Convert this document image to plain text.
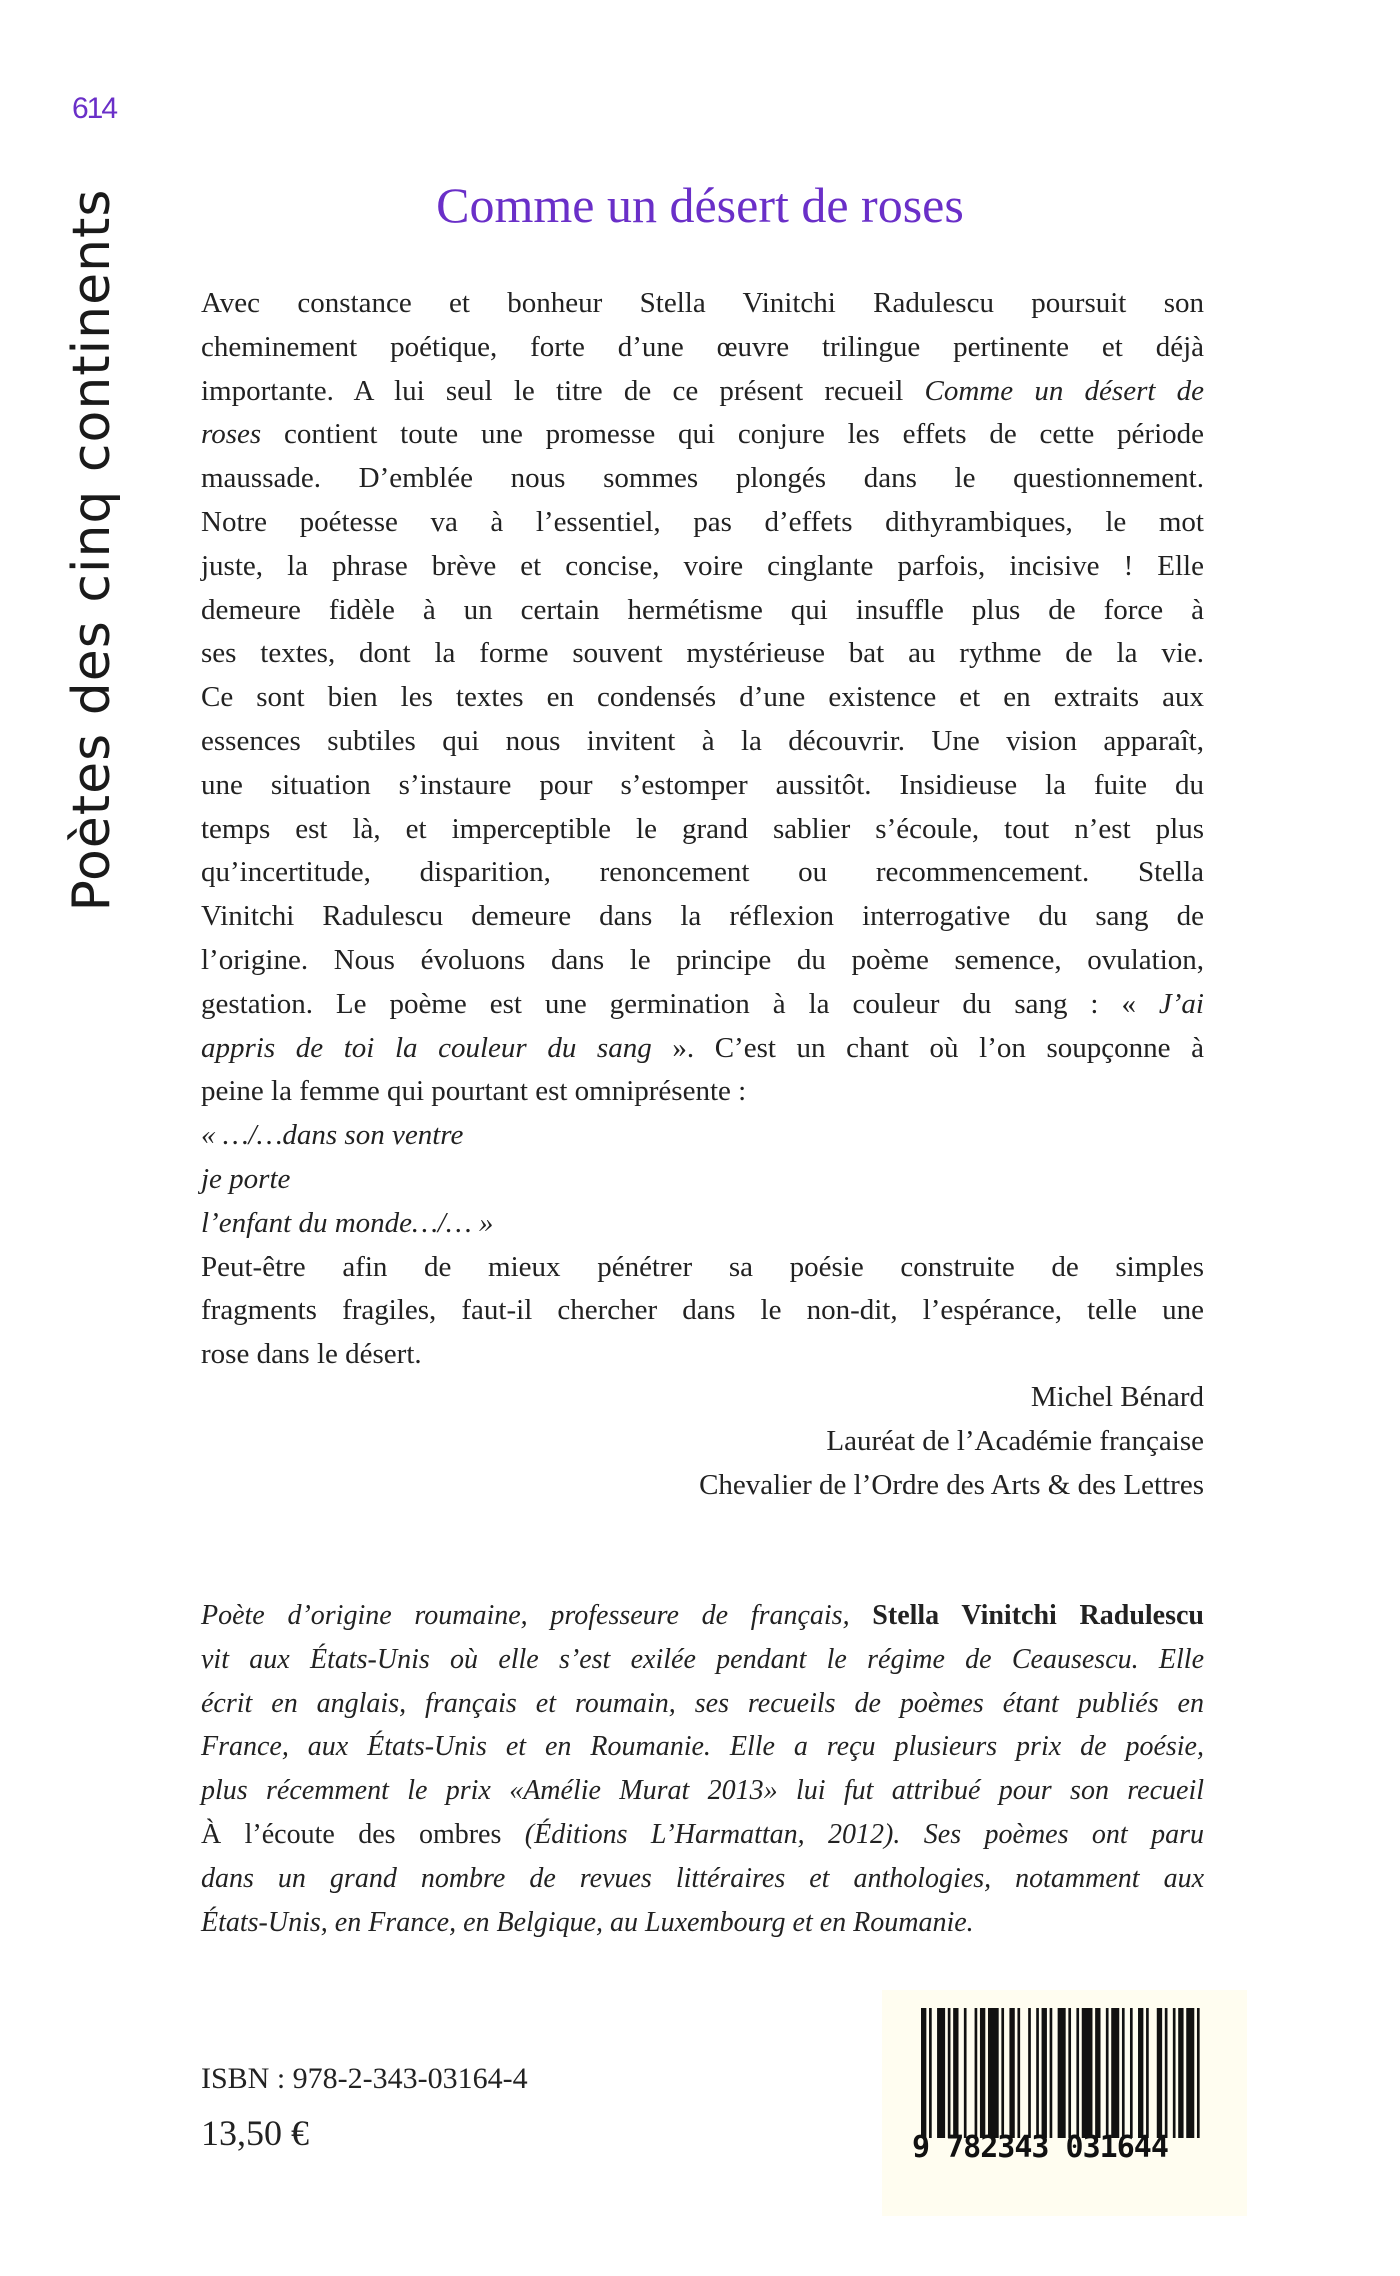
614
Poètes des cinq continents	Comme un désert de roses
Avec constance et bonheur Stella Vinitchi Radulescu poursuit son
cheminement poétique, forte d’une œuvre trilingue pertinente et déjà
importante. A lui seul le titre de ce présent recueil Comme un désert de
roses contient toute une promesse qui conjure les effets de cette période
maussade. D’emblée nous sommes plongés dans le questionnement.
Notre poétesse va à l’essentiel, pas d’effets dithyrambiques, le mot
juste, la phrase brève et concise, voire cinglante parfois, incisive ! Elle
demeure fidèle à un certain hermétisme qui insuffle plus de force à
ses textes, dont la forme souvent mystérieuse bat au rythme de la vie.
Ce sont bien les textes en condensés d’une existence et en extraits aux
essences subtiles qui nous invitent à la découvrir. Une vision apparaît,
une situation s’instaure pour s’estomper aussitôt. Insidieuse la fuite du
temps est là, et imperceptible le grand sablier s’écoule, tout n’est plus
qu’incertitude, disparition, renoncement ou recommencement. Stella
Vinitchi Radulescu demeure dans la réflexion interrogative du sang de
l’origine. Nous évoluons dans le principe du poème semence, ovulation,
gestation. Le poème est une germination à la couleur du sang : « J’ai
appris de toi la couleur du sang ». C’est un chant où l’on soupçonne à
peine la femme qui pourtant est omniprésente :
« …/…dans son ventre
je porte
l’enfant du monde…/… »
Peut-être afin de mieux pénétrer sa poésie construite de simples
fragments fragiles, faut-il chercher dans le non-dit, l’espérance, telle une
rose dans le désert.
Michel Bénard
Lauréat de l’Académie française
Chevalier de l’Ordre des Arts & des Lettres
Poète d’origine roumaine, professeure de français, Stella Vinitchi Radulescu
vit aux États-Unis où elle s’est exilée pendant le régime de Ceausescu. Elle
écrit en anglais, français et roumain, ses recueils de poèmes étant publiés en
France, aux États-Unis et en Roumanie. Elle a reçu plusieurs prix de poésie,
plus récemment le prix «Amélie Murat 2013» lui fut attribué pour son recueil
À l’écoute des ombres (Éditions L’Harmattan, 2012). Ses poèmes ont paru
dans un grand nombre de revues littéraires et anthologies, notamment aux
États-Unis, en France, en Belgique, au Luxembourg et en Roumanie.
ISBN : 978-2-343-03164-4
13,50 €	9 782343 031644
